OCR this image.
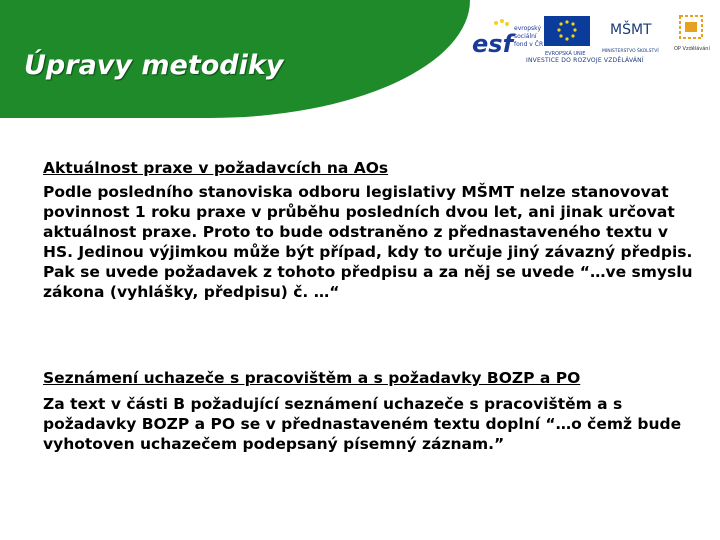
Úpravy metodiky
esf
evropský
sociální
fond v ČR
EVROPSKÁ UNIE
MŠMT
MINISTERSTVO ŠKOLSTVÍ	OP Vzdělávání
INVESTICE DO ROZVOJE VZDĚLÁVÁNÍ

Aktuálnost praxe v požadavcích na AOs

Podle posledního stanoviska odboru legislativy MŠMT nelze stanovovat povinnost 1 roku praxe v průběhu posledních dvou let, ani jinak určovat aktuálnost praxe. Proto to bude odstraněno z přednastaveného textu v HS. Jedinou výjimkou může být případ, kdy to určuje jiný závazný předpis. Pak se uvede požadavek z tohoto předpisu a za něj se uvede “…ve smyslu zákona (vyhlášky, předpisu) č. …“

Seznámení uchazeče s pracovištěm a s požadavky BOZP a PO

Za text v části B požadující seznámení uchazeče s pracovištěm a s požadavky BOZP a PO se v přednastaveném textu doplní “…o čemž bude vyhotoven uchazečem podepsaný písemný záznam.”
